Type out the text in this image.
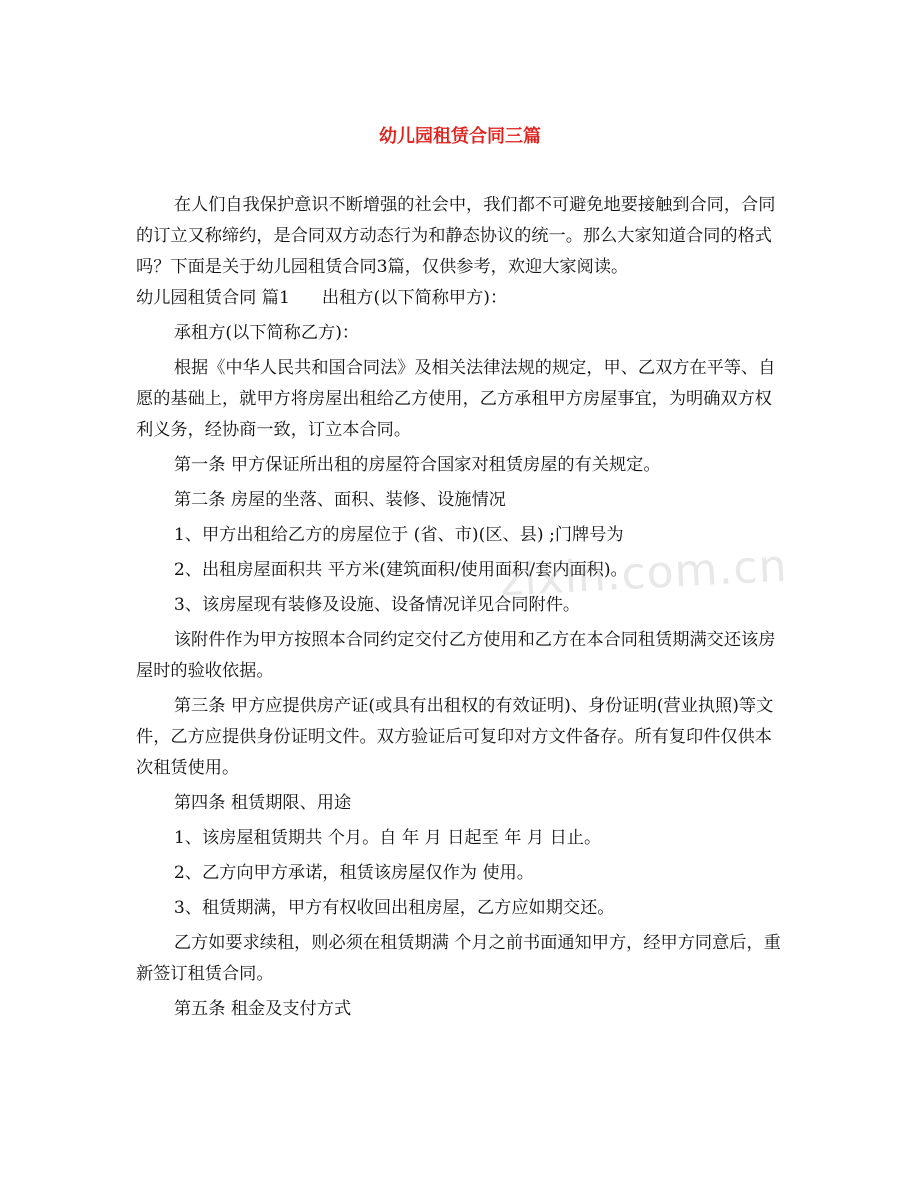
幼儿园租赁合同三篇

在人们自我保护意识不断增强的社会中，我们都不可避免地要接触到合同，合同的订立又称缔约，是合同双方动态行为和静态协议的统一。那么大家知道合同的格式吗？下面是关于幼儿园租赁合同3篇，仅供参考，欢迎大家阅读。

幼儿园租赁合同 篇1 出租方(以下简称甲方)：

承租方(以下简称乙方)：

根据《中华人民共和国合同法》及相关法律法规的规定，甲、乙双方在平等、自愿的基础上，就甲方将房屋出租给乙方使用，乙方承租甲方房屋事宜，为明确双方权利义务，经协商一致，订立本合同。

第一条 甲方保证所出租的房屋符合国家对租赁房屋的有关规定。

第二条 房屋的坐落、面积、装修、设施情况

1、甲方出租给乙方的房屋位于 (省、市)(区、县) ;门牌号为

2、出租房屋面积共 平方米(建筑面积/使用面积/套内面积)。

3、该房屋现有装修及设施、设备情况详见合同附件。

该附件作为甲方按照本合同约定交付乙方使用和乙方在本合同租赁期满交还该房屋时的验收依据。

第三条 甲方应提供房产证(或具有出租权的有效证明)、身份证明(营业执照)等文件，乙方应提供身份证明文件。双方验证后可复印对方文件备存。所有复印件仅供本次租赁使用。

第四条 租赁期限、用途

1、该房屋租赁期共 个月。自 年 月 日起至 年 月 日止。

2、乙方向甲方承诺，租赁该房屋仅作为 使用。

3、租赁期满，甲方有权收回出租房屋，乙方应如期交还。

乙方如要求续租，则必须在租赁期满 个月之前书面通知甲方，经甲方同意后，重新签订租赁合同。

第五条 租金及支付方式

zixin.com.cn
